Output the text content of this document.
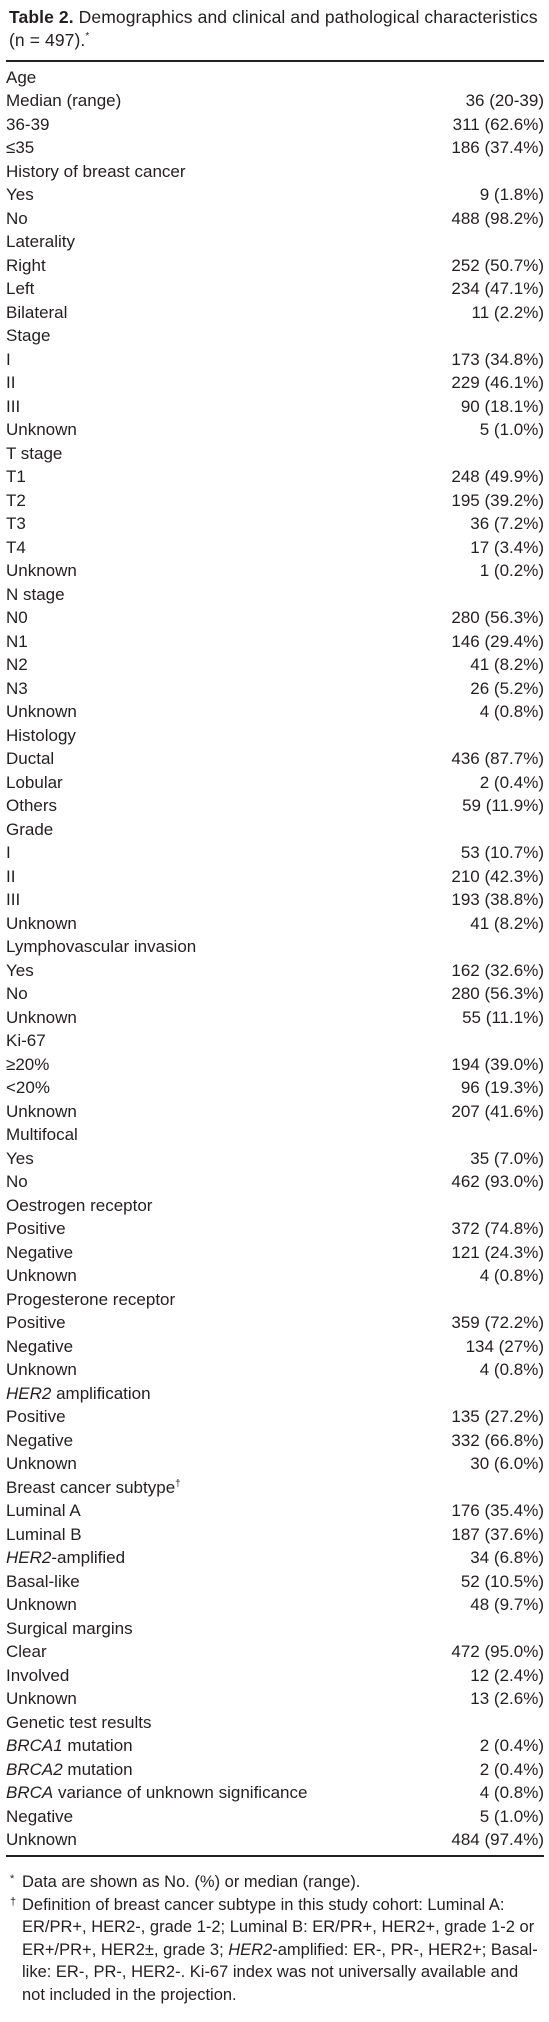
Table 2. Demographics and clinical and pathological characteristics (n = 497).*
Age	
Median (range)	36 (20-39)
36-39	311 (62.6%)
≤35	186 (37.4%)
History of breast cancer	
Yes	9 (1.8%)
No	488 (98.2%)
Laterality	
Right	252 (50.7%)
Left	234 (47.1%)
Bilateral	11 (2.2%)
Stage	
I	173 (34.8%)
II	229 (46.1%)
III	90 (18.1%)
Unknown	5 (1.0%)
T stage	
T1	248 (49.9%)
T2	195 (39.2%)
T3	36 (7.2%)
T4	17 (3.4%)
Unknown	1 (0.2%)
N stage	
N0	280 (56.3%)
N1	146 (29.4%)
N2	41 (8.2%)
N3	26 (5.2%)
Unknown	4 (0.8%)
Histology	
Ductal	436 (87.7%)
Lobular	2 (0.4%)
Others	59 (11.9%)
Grade	
I	53 (10.7%)
II	210 (42.3%)
III	193 (38.8%)
Unknown	41 (8.2%)
Lymphovascular invasion	
Yes	162 (32.6%)
No	280 (56.3%)
Unknown	55 (11.1%)
Ki-67	
≥20%	194 (39.0%)
<20%	96 (19.3%)
Unknown	207 (41.6%)
Multifocal	
Yes	35 (7.0%)
No	462 (93.0%)
Oestrogen receptor	
Positive	372 (74.8%)
Negative	121 (24.3%)
Unknown	4 (0.8%)
Progesterone receptor	
Positive	359 (72.2%)
Negative	134 (27%)
Unknown	4 (0.8%)
HER2 amplification	
Positive	135 (27.2%)
Negative	332 (66.8%)
Unknown	30 (6.0%)
Breast cancer subtype†	
Luminal A	176 (35.4%)
Luminal B	187 (37.6%)
HER2-amplified	34 (6.8%)
Basal-like	52 (10.5%)
Unknown	48 (9.7%)
Surgical margins	
Clear	472 (95.0%)
Involved	12 (2.4%)
Unknown	13 (2.6%)
Genetic test results	
BRCA1 mutation	2 (0.4%)
BRCA2 mutation	2 (0.4%)
BRCA variance of unknown significance	4 (0.8%)
Negative	5 (1.0%)
Unknown	484 (97.4%)
* Data are shown as No. (%) or median (range).
† Definition of breast cancer subtype in this study cohort: Luminal A: ER/PR+, HER2-, grade 1-2; Luminal B: ER/PR+, HER2+, grade 1-2 or ER+/PR+, HER2±, grade 3; HER2-amplified: ER-, PR-, HER2+; Basal-like: ER-, PR-, HER2-. Ki-67 index was not universally available and not included in the projection.
